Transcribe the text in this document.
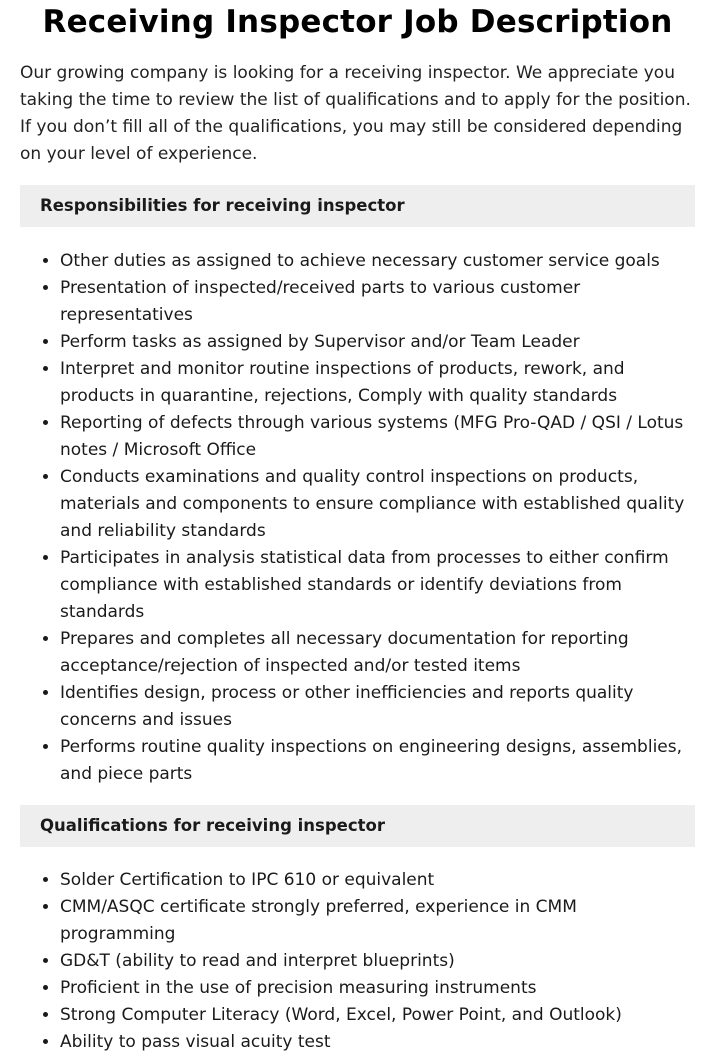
Receiving Inspector Job Description

Our growing company is looking for a receiving inspector. We appreciate you taking the time to review the list of qualifications and to apply for the position. If you don’t fill all of the qualifications, you may still be considered depending on your level of experience.

Responsibilities for receiving inspector
• Other duties as assigned to achieve necessary customer service goals
• Presentation of inspected/received parts to various customer representatives
• Perform tasks as assigned by Supervisor and/or Team Leader
• Interpret and monitor routine inspections of products, rework, and products in quarantine, rejections, Comply with quality standards
• Reporting of defects through various systems (MFG Pro-QAD / QSI / Lotus notes / Microsoft Office
• Conducts examinations and quality control inspections on products, materials and components to ensure compliance with established quality and reliability standards
• Participates in analysis statistical data from processes to either confirm compliance with established standards or identify deviations from standards
• Prepares and completes all necessary documentation for reporting acceptance/rejection of inspected and/or tested items
• Identifies design, process or other inefficiencies and reports quality concerns and issues
• Performs routine quality inspections on engineering designs, assemblies, and piece parts
Qualifications for receiving inspector
• Solder Certification to IPC 610 or equivalent
• CMM/ASQC certificate strongly preferred, experience in CMM programming
• GD&T (ability to read and interpret blueprints)
• Proficient in the use of precision measuring instruments
• Strong Computer Literacy (Word, Excel, Power Point, and Outlook)
• Ability to pass visual acuity test
